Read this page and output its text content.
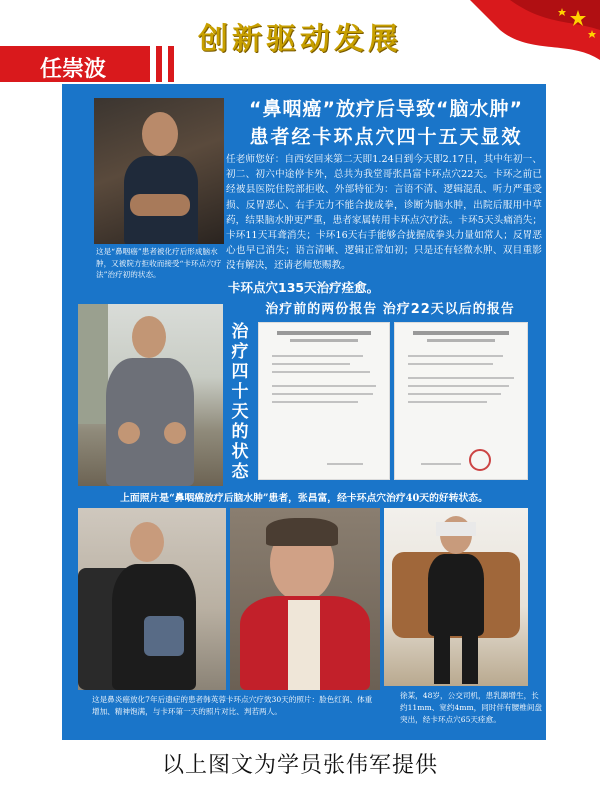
创新驱动发展
任崇波
这是“鼻咽癌”患者被化疗后形成脑水肿，又被院方拒收而接受“卡环点穴疗法”治疗初的状态。
“鼻咽癌”放疗后导致“脑水肿”
患者经卡环点穴四十五天显效
任老师您好：自西安回来第二天即1.24日到今天即2.17日，其中年初一、初二、初六中途停卡外，总共为我堂哥张昌富卡环点穴22天。卡环之前已经被县医院住院部拒收、外部特征为：言语不清、逻辑混乱、听力严重受损、反胃恶心、右手无力不能合拢成拳，诊断为脑水肿，出院后服用中草药，结果脑水肿更严重，患者家属转用卡环点穴疗法。卡环5天头痛消失；卡环11天耳聋消失；卡环16天右手能够合拢握成拳头力量如常人；反胃恶心也早已消失；语言清晰、逻辑正常如初；只是还有轻微水肿、双目重影没有解决，还请老师您赐教。
卡环点穴135天治疗痊愈。
治疗前的两份报告 治疗22天以后的报告
治疗四十天的状态
上面照片是“鼻咽癌放疗后脑水肿”患者，张昌富，经卡环点穴治疗40天的好转状态。
这是鼻炎癌放化7年后遗症的患者韩英蓉卡环点穴疗效30天的照片：脸色红润、体重增加、精神饱满，与卡环第一天的照片对比、判若两人。
徐某，48岁，公交司机，患乳腺增生，长约11mm、宽约4mm，同时伴有腰椎间盘突出，经卡环点穴65天痊愈。
以上图文为学员张伟军提供
